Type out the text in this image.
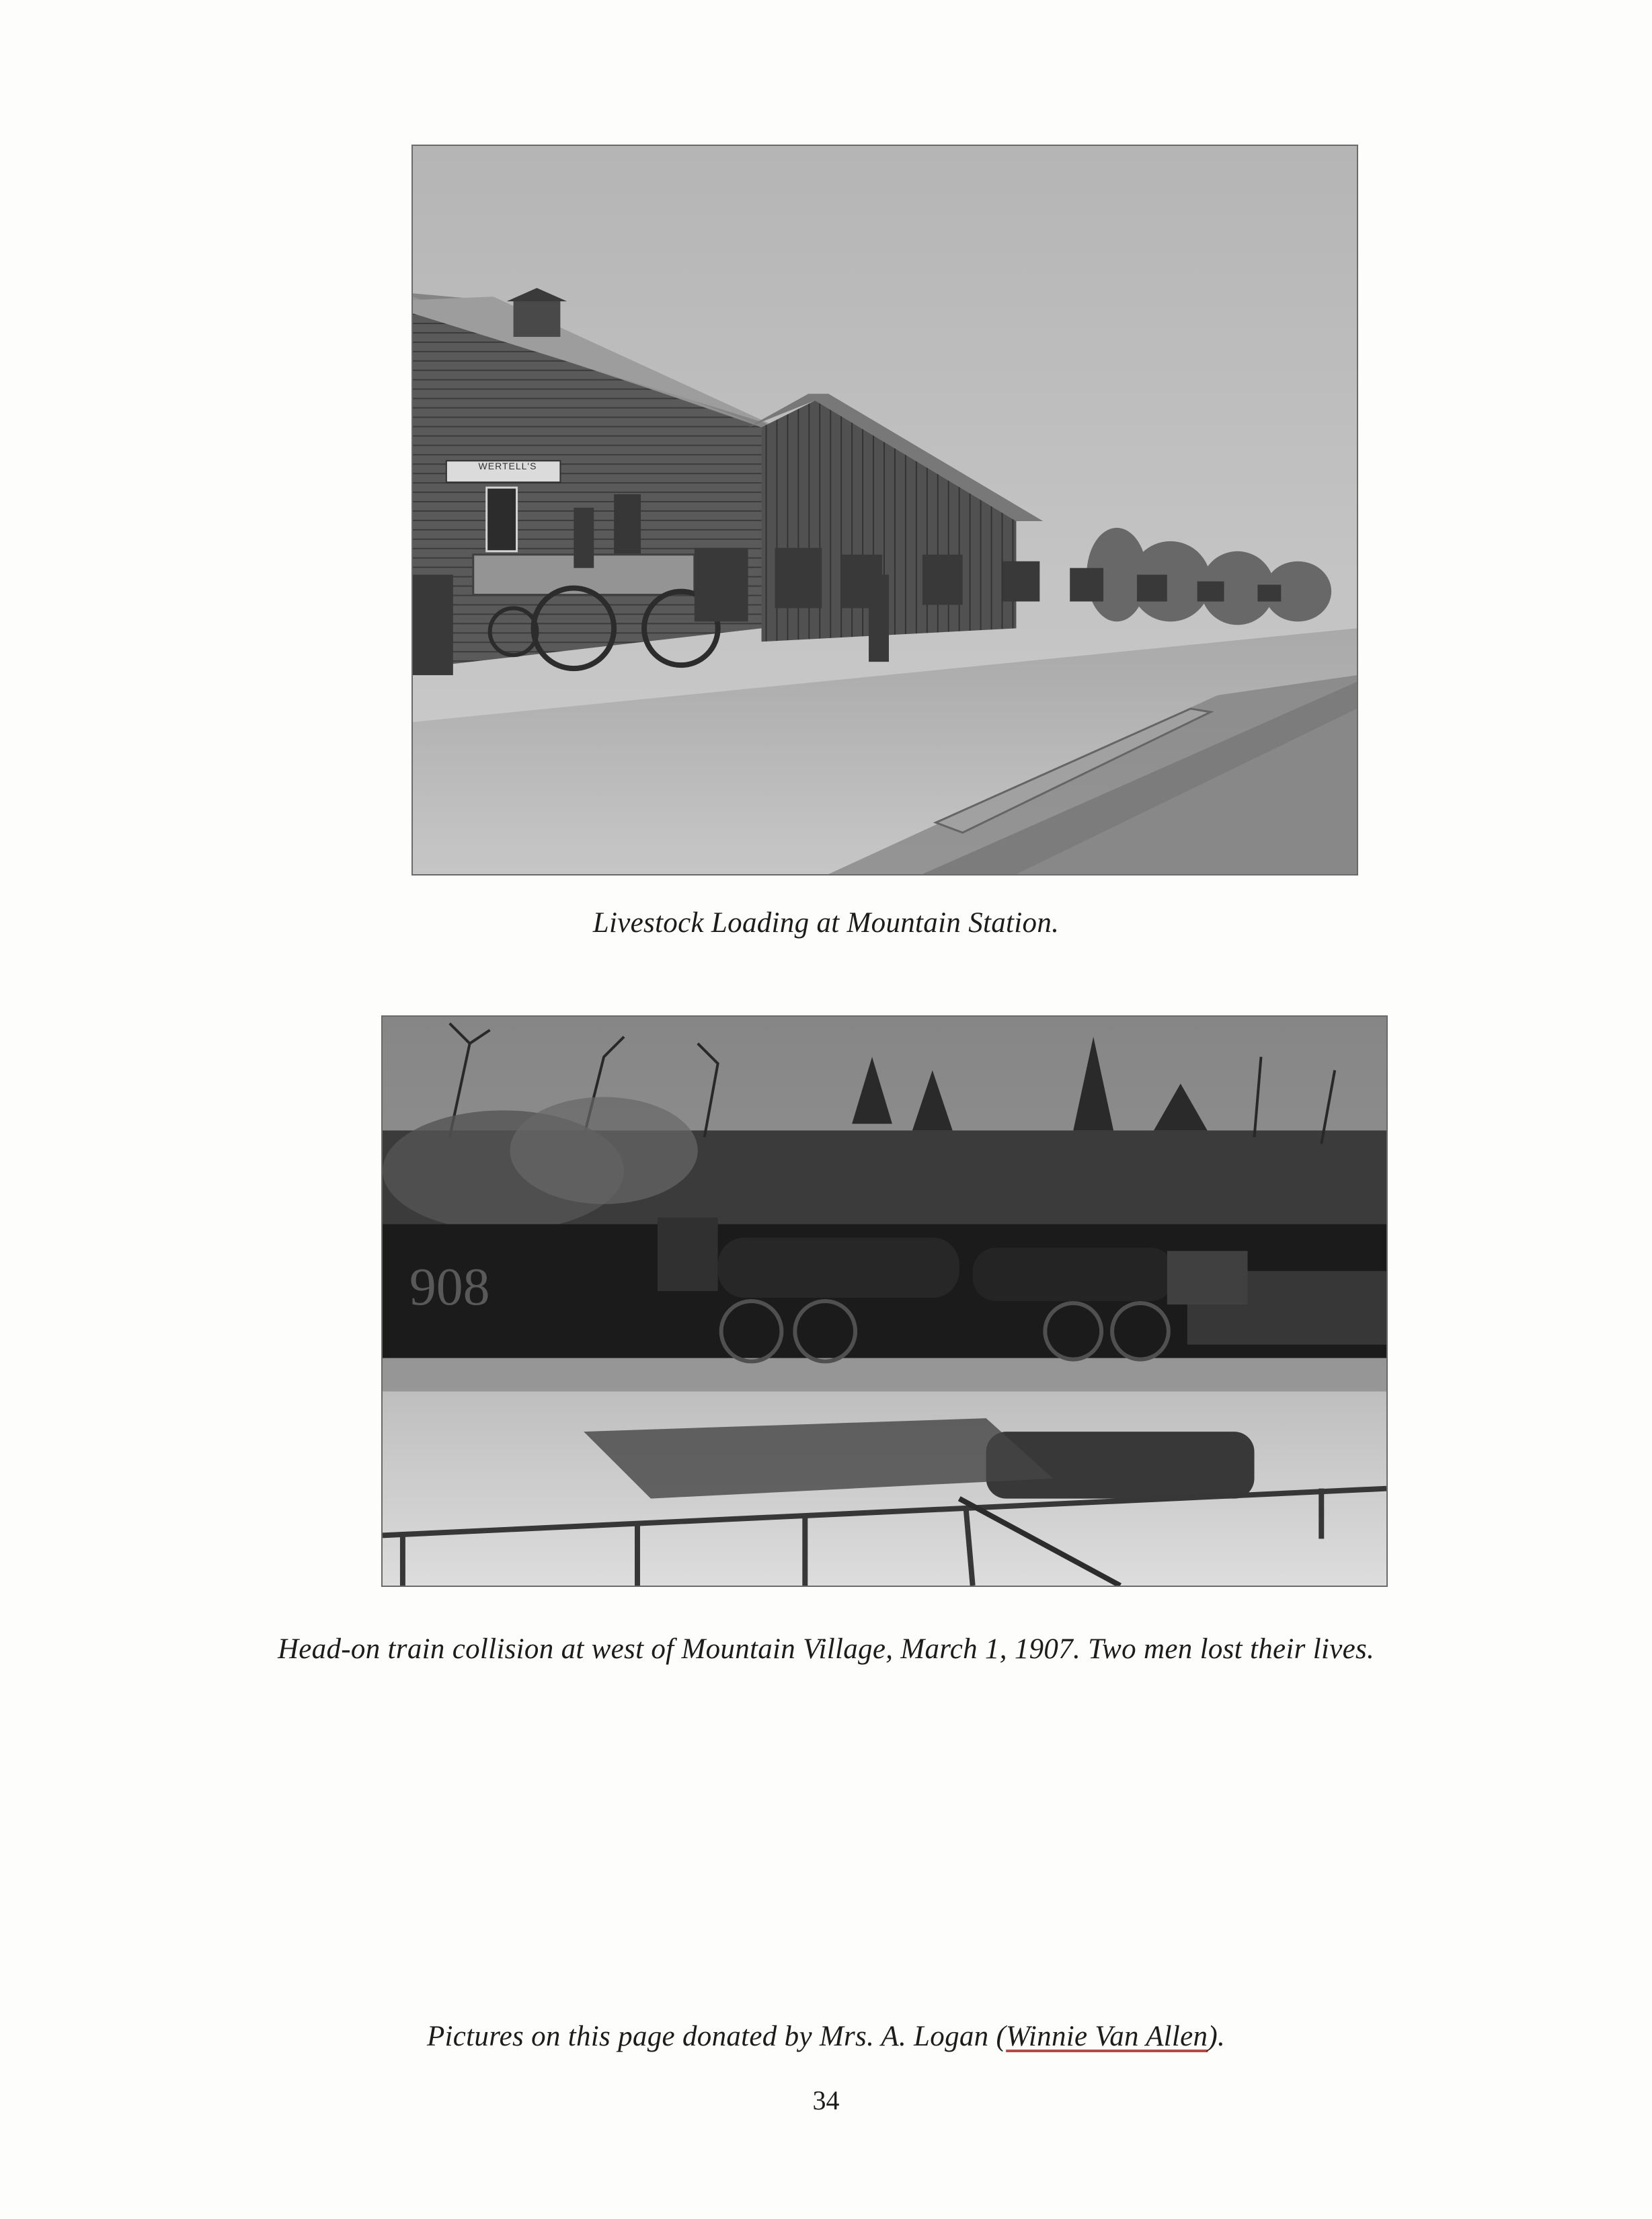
Livestock Loading at Mountain Station.
908
Head-on train collision at west of Mountain Village, March 1, 1907. Two men lost their lives.
Pictures on this page donated by Mrs. A. Logan (Winnie Van Allen).
34
WERTELL'S
